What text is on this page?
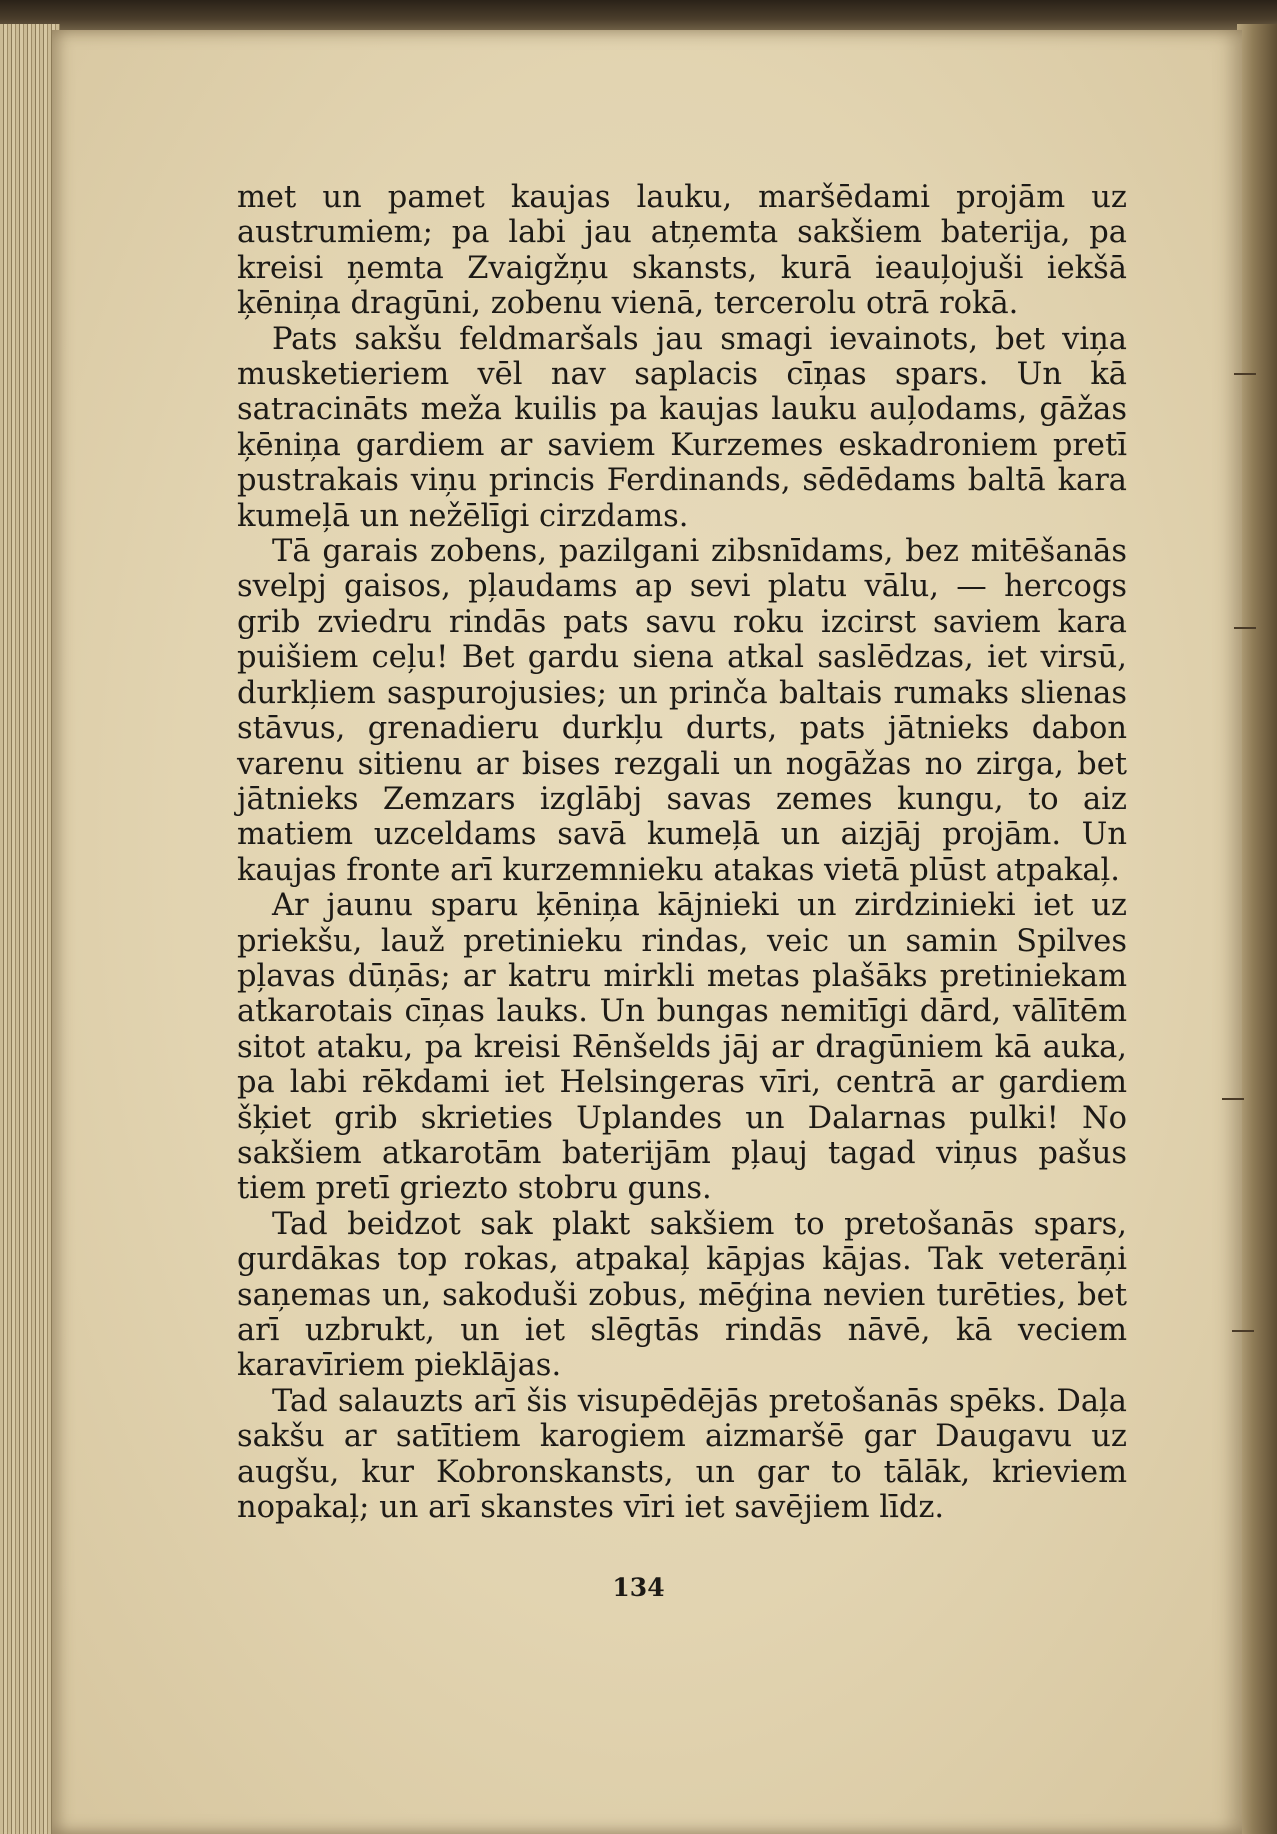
met un pamet kaujas lauku, maršēdami projām uz austrumiem; pa labi jau atņemta sakšiem baterija, pa kreisi ņemta Zvaigžņu skansts, kurā ieauļojuši iekšā ķēniņa dragūni, zobenu vienā, tercerolu otrā rokā.

Pats sakšu feldmaršals jau smagi ievainots, bet viņa musketieriem vēl nav saplacis cīņas spars. Un kā satracināts meža kuilis pa kaujas lauku auļodams, gāžas ķēniņa gardiem ar saviem Kurzemes eskadroniem pretī pustrakais viņu princis Ferdinands, sēdēdams baltā kara kumeļā un nežēlīgi cirzdams.

Tā garais zobens, pazilgani zibsnīdams, bez mitēšanās svelpj gaisos, pļaudams ap sevi platu vālu, — hercogs grib zviedru rindās pats savu roku izcirst saviem kara puišiem ceļu! Bet gardu siena atkal saslēdzas, iet virsū, durkļiem saspurojusies; un prinča baltais rumaks slienas stāvus, grenadieru durkļu durts, pats jātnieks dabon varenu sitienu ar bises rezgali un nogāžas no zirga, bet jātnieks Zemzars izglābj savas zemes kungu, to aiz matiem uzceldams savā kumeļā un aizjāj projām. Un kaujas fronte arī kurzemnieku atakas vietā plūst atpakaļ.

Ar jaunu sparu ķēniņa kājnieki un zirdzinieki iet uz priekšu, lauž pretinieku rindas, veic un samin Spilves pļavas dūņās; ar katru mirkli metas plašāks pretiniekam atkarotais cīņas lauks. Un bungas nemitīgi dārd, vālītēm sitot ataku, pa kreisi Rēnšelds jāj ar dragūniem kā auka, pa labi rēkdami iet Helsingeras vīri, centrā ar gardiem šķiet grib skrieties Uplandes un Dalarnas pulki! No sakšiem atkarotām baterijām pļauj tagad viņus pašus tiem pretī griezto stobru guns.

Tad beidzot sak plakt sakšiem to pretošanās spars, gurdākas top rokas, atpakaļ kāpjas kājas. Tak veterāņi saņemas un, sakoduši zobus, mēģina nevien turēties, bet arī uzbrukt, un iet slēgtās rindās nāvē, kā veciem karavīriem pieklājas.

Tad salauzts arī šis visupēdējās pretošanās spēks. Daļa sakšu ar satītiem karogiem aizmaršē gar Daugavu uz augšu, kur Kobronskansts, un gar to tālāk, krieviem nopakaļ; un arī skanstes vīri iet savējiem līdz.

134
